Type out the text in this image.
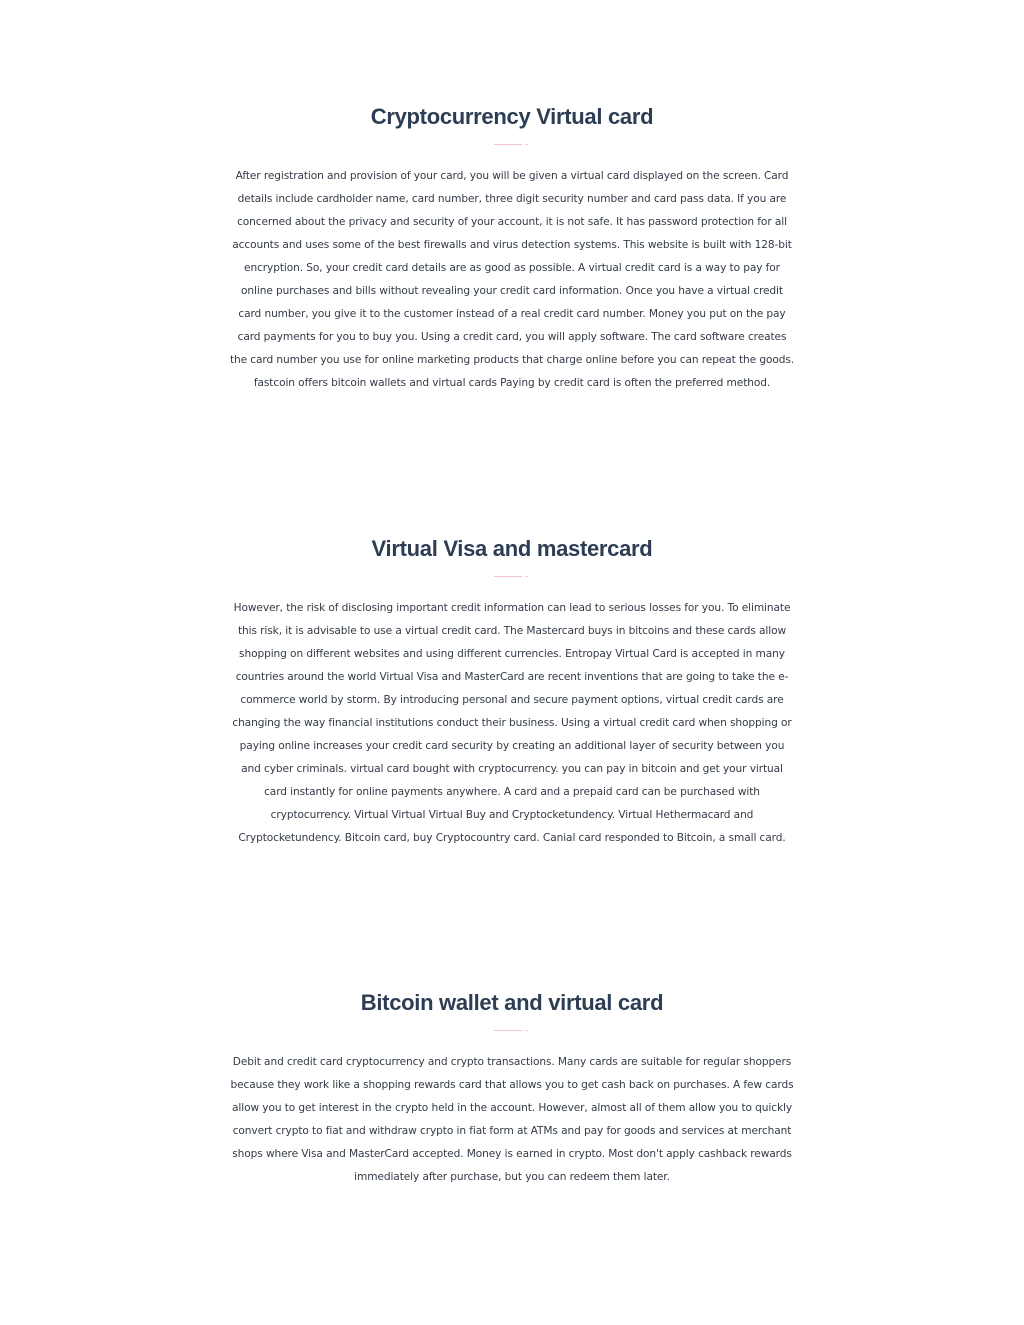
Cryptocurrency Virtual card

After registration and provision of your card, you will be given a virtual card displayed on the screen. Card details include cardholder name, card number, three digit security number and card pass data. If you are concerned about the privacy and security of your account, it is not safe. It has password protection for all accounts and uses some of the best firewalls and virus detection systems. This website is built with 128-bit encryption. So, your credit card details are as good as possible. A virtual credit card is a way to pay for online purchases and bills without revealing your credit card information. Once you have a virtual credit card number, you give it to the customer instead of a real credit card number. Money you put on the pay card payments for you to buy you. Using a credit card, you will apply software. The card software creates the card number you use for online marketing products that charge online before you can repeat the goods. fastcoin offers bitcoin wallets and virtual cards Paying by credit card is often the preferred method.

Virtual Visa and mastercard

However, the risk of disclosing important credit information can lead to serious losses for you. To eliminate this risk, it is advisable to use a virtual credit card. The Mastercard buys in bitcoins and these cards allow shopping on different websites and using different currencies. Entropay Virtual Card is accepted in many countries around the world Virtual Visa and MasterCard are recent inventions that are going to take the e-commerce world by storm. By introducing personal and secure payment options, virtual credit cards are changing the way financial institutions conduct their business. Using a virtual credit card when shopping or paying online increases your credit card security by creating an additional layer of security between you and cyber criminals. virtual card bought with cryptocurrency. you can pay in bitcoin and get your virtual card instantly for online payments anywhere. A card and a prepaid card can be purchased with cryptocurrency. Virtual Virtual Virtual Buy and Cryptocketundency. Virtual Hethermacard and Cryptocketundency. Bitcoin card, buy Cryptocountry card. Canial card responded to Bitcoin, a small card.

Bitcoin wallet and virtual card

Debit and credit card cryptocurrency and crypto transactions. Many cards are suitable for regular shoppers because they work like a shopping rewards card that allows you to get cash back on purchases. A few cards allow you to get interest in the crypto held in the account. However, almost all of them allow you to quickly convert crypto to fiat and withdraw crypto in fiat form at ATMs and pay for goods and services at merchant shops where Visa and MasterCard accepted. Money is earned in crypto. Most don't apply cashback rewards immediately after purchase, but you can redeem them later.
